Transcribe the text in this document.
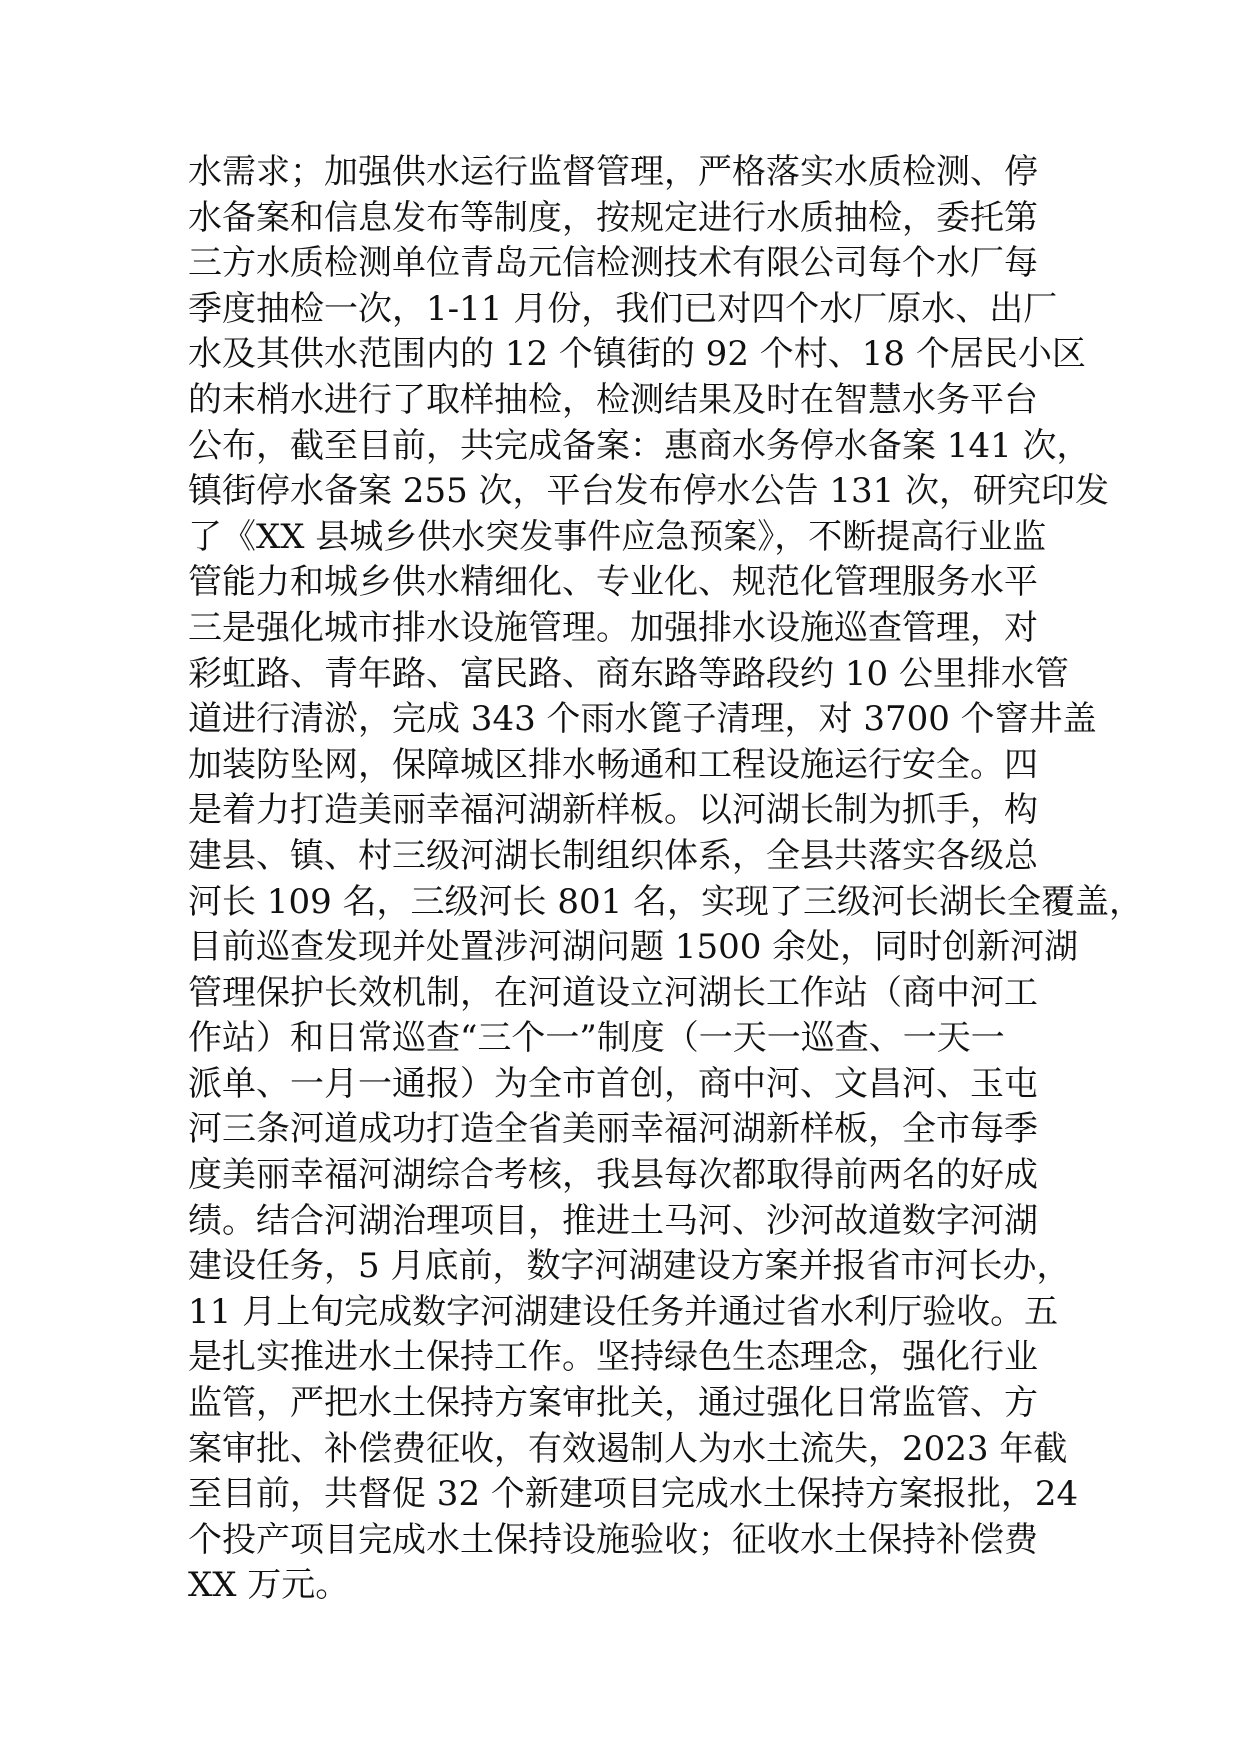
水需求；加强供水运行监督管理，严格落实水质检测、停
水备案和信息发布等制度，按规定进行水质抽检，委托第
三方水质检测单位青岛元信检测技术有限公司每个水厂每
季度抽检一次，1-11 月份，我们已对四个水厂原水、出厂
水及其供水范围内的 12 个镇街的 92 个村、18 个居民小区
的末梢水进行了取样抽检，检测结果及时在智慧水务平台
公布，截至目前，共完成备案：惠商水务停水备案 141 次，
镇街停水备案 255 次，平台发布停水公告 131 次，研究印发
了《XX 县城乡供水突发事件应急预案》，不断提高行业监
管能力和城乡供水精细化、专业化、规范化管理服务水平
三是强化城市排水设施管理。加强排水设施巡查管理，对
彩虹路、青年路、富民路、商东路等路段约 10 公里排水管
道进行清淤，完成 343 个雨水篦子清理，对 3700 个窨井盖
加装防坠网，保障城区排水畅通和工程设施运行安全。四
是着力打造美丽幸福河湖新样板。以河湖长制为抓手，构
建县、镇、村三级河湖长制组织体系，全县共落实各级总
河长 109 名，三级河长 801 名，实现了三级河长湖长全覆盖，
目前巡查发现并处置涉河湖问题 1500 余处，同时创新河湖
管理保护长效机制，在河道设立河湖长工作站（商中河工
作站）和日常巡查“三个一”制度（一天一巡查、一天一
派单、一月一通报）为全市首创，商中河、文昌河、玉屯
河三条河道成功打造全省美丽幸福河湖新样板，全市每季
度美丽幸福河湖综合考核，我县每次都取得前两名的好成
绩。结合河湖治理项目，推进土马河、沙河故道数字河湖
建设任务，5 月底前，数字河湖建设方案并报省市河长办，
11 月上旬完成数字河湖建设任务并通过省水利厅验收。五
是扎实推进水土保持工作。坚持绿色生态理念，强化行业
监管，严把水土保持方案审批关，通过强化日常监管、方
案审批、补偿费征收，有效遏制人为水土流失，2023 年截
至目前，共督促 32 个新建项目完成水土保持方案报批，24
个投产项目完成水土保持设施验收；征收水土保持补偿费
XX 万元。
